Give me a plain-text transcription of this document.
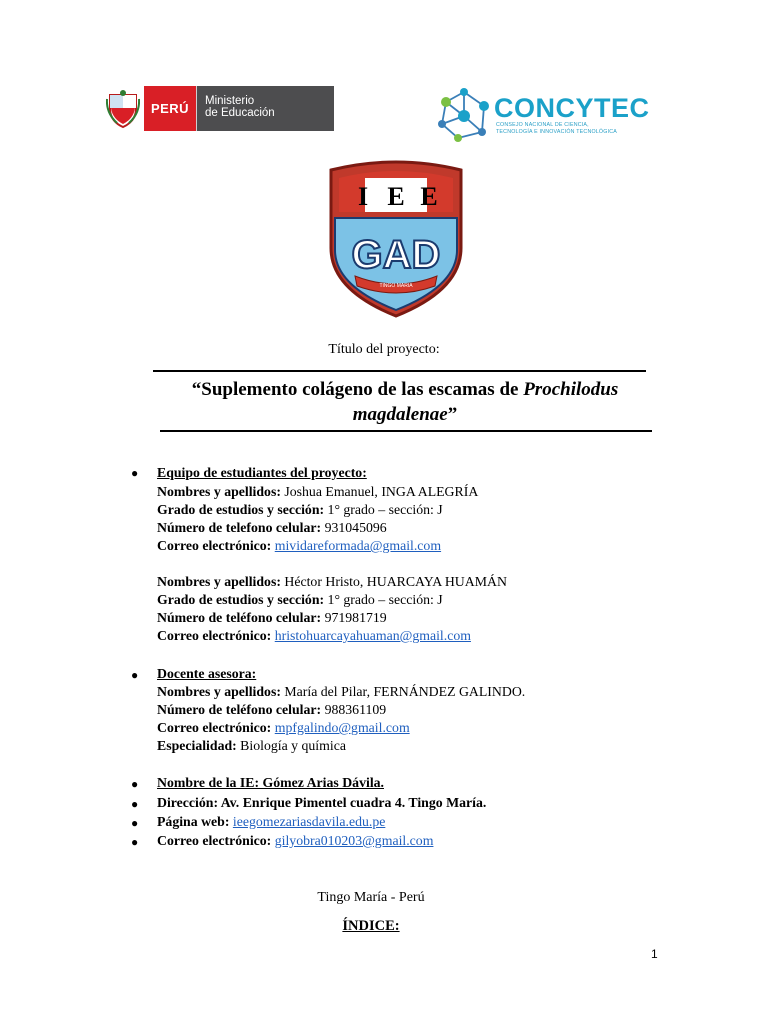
PERÚ	Ministerio
de Educación	CONCYTEC
CONSEJO NACIONAL DE CIENCIA,
TECNOLOGÍA E INNOVACIÓN TECNOLÓGICA
I E E
GAD
TINGO MARIA
Título del proyecto:
“Suplemento colágeno de las escamas de Prochilodus
magdalenae”
● Equipo de estudiantes del proyecto:
Nombres y apellidos: Joshua Emanuel, INGA ALEGRÍA
Grado de estudios y sección: 1° grado – sección: J
Número de telefono celular: 931045096
Correo electrónico: mividareformada@gmail.com
Nombres y apellidos: Héctor Hristo, HUARCAYA HUAMÁN
Grado de estudios y sección: 1° grado – sección: J
Número de teléfono celular: 971981719
Correo electrónico: hristohuarcayahuaman@gmail.com
● Docente asesora:
Nombres y apellidos: María del Pilar, FERNÁNDEZ GALINDO.
Número de teléfono celular: 988361109
Correo electrónico: mpfgalindo@gmail.com
Especialidad: Biología y química
● Nombre de la IE: Gómez Arias Dávila.
● Dirección: Av. Enrique Pimentel cuadra 4. Tingo María.
● Página web: ieegomezariasdavila.edu.pe
● Correo electrónico: gilyobra010203@gmail.com
Tingo María - Perú
ÍNDICE:
1
